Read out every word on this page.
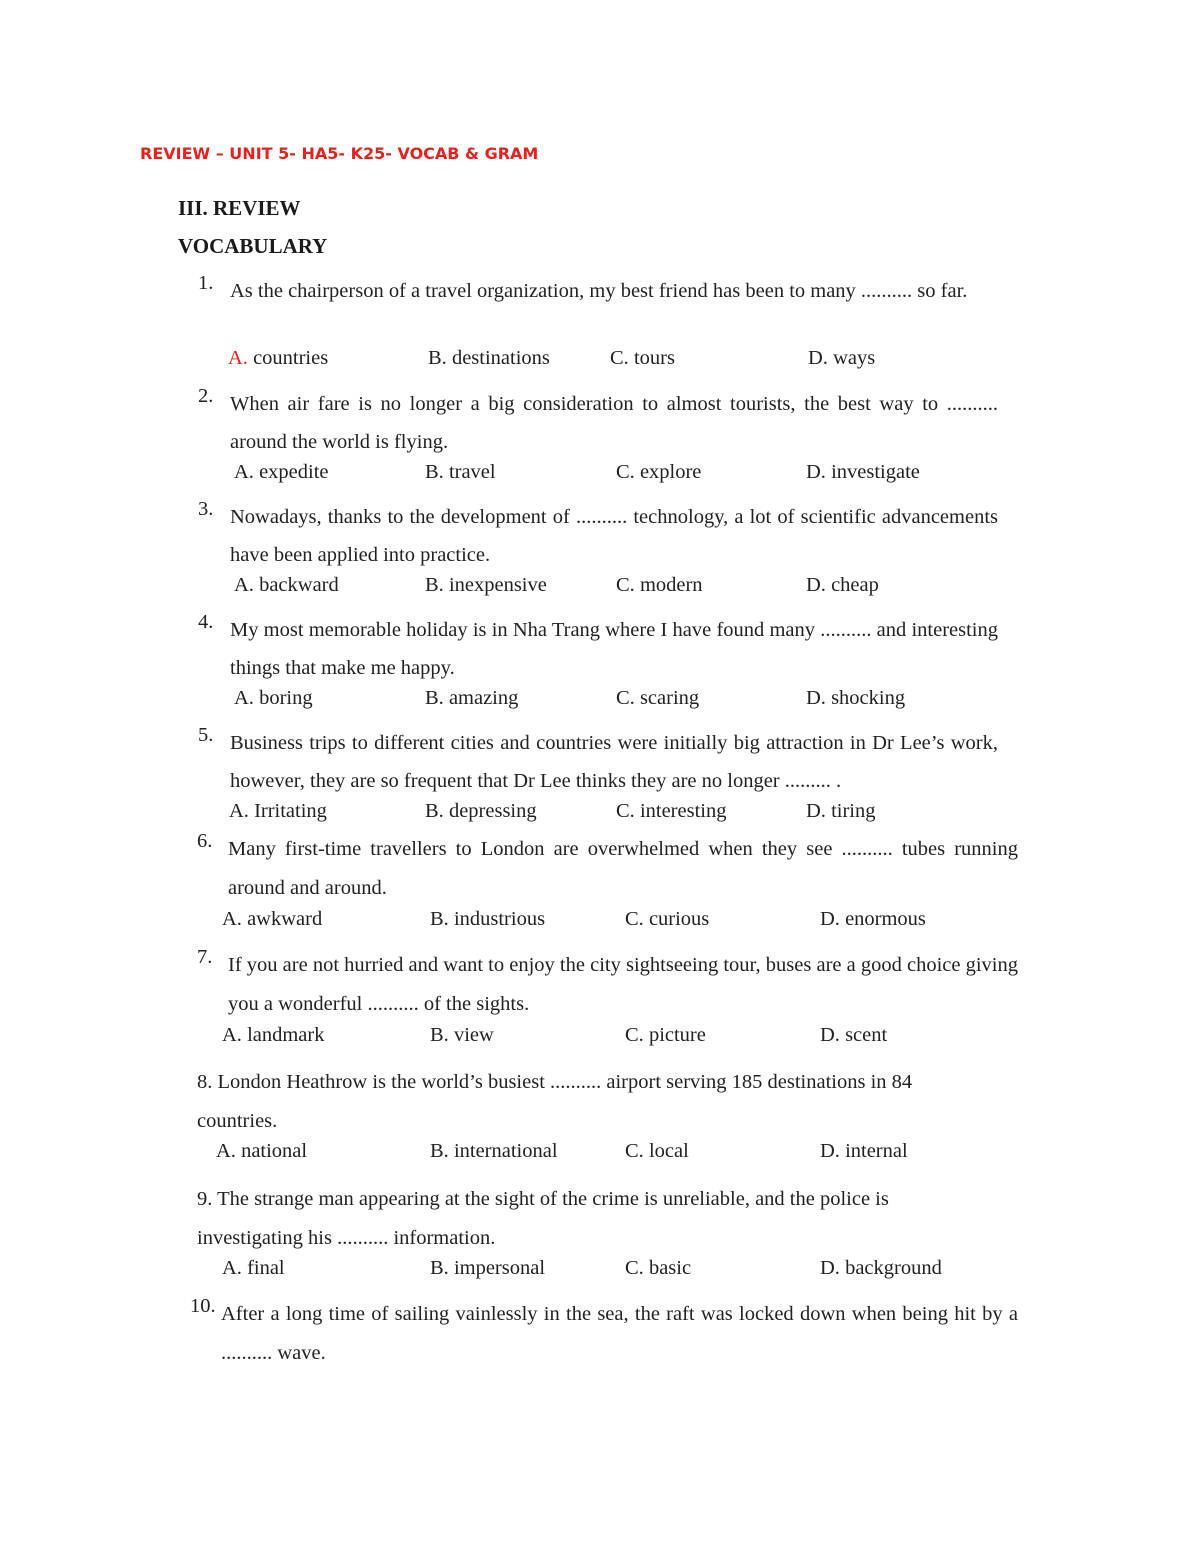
REVIEW – UNIT 5- HA5- K25- VOCAB & GRAM
III. REVIEW
VOCABULARY
1. As the chairperson of a travel organization, my best friend has been to many .......... so far.
A. countries	B. destinations	C. tours	D. ways
2. When air fare is no longer a big consideration to almost tourists, the best way to .......... around the world is flying.
A. expedite	B. travel	C. explore	D. investigate
3. Nowadays, thanks to the development of .......... technology, a lot of scientific advancements have been applied into practice.
A. backward	B. inexpensive	C. modern	D. cheap
4. My most memorable holiday is in Nha Trang where I have found many .......... and interesting things that make me happy.
A. boring	B. amazing	C. scaring	D. shocking
5. Business trips to different cities and countries were initially big attraction in Dr Lee’s work, however, they are so frequent that Dr Lee thinks they are no longer ......... .
A. Irritating	B. depressing	C. interesting	D. tiring
6. Many first-time travellers to London are overwhelmed when they see .......... tubes running around and around.
A. awkward	B. industrious	C. curious	D. enormous
7. If you are not hurried and want to enjoy the city sightseeing tour, buses are a good choice giving you a wonderful .......... of the sights.
A. landmark	B. view	C. picture	D. scent
8. London Heathrow is the world’s busiest .......... airport serving 185 destinations in 84 countries.
A. national	B. international	C. local	D. internal
9. The strange man appearing at the sight of the crime is unreliable, and the police is investigating his .......... information.
A. final	B. impersonal	C. basic	D. background
10. After a long time of sailing vainlessly in the sea, the raft was locked down when being hit by a .......... wave.
